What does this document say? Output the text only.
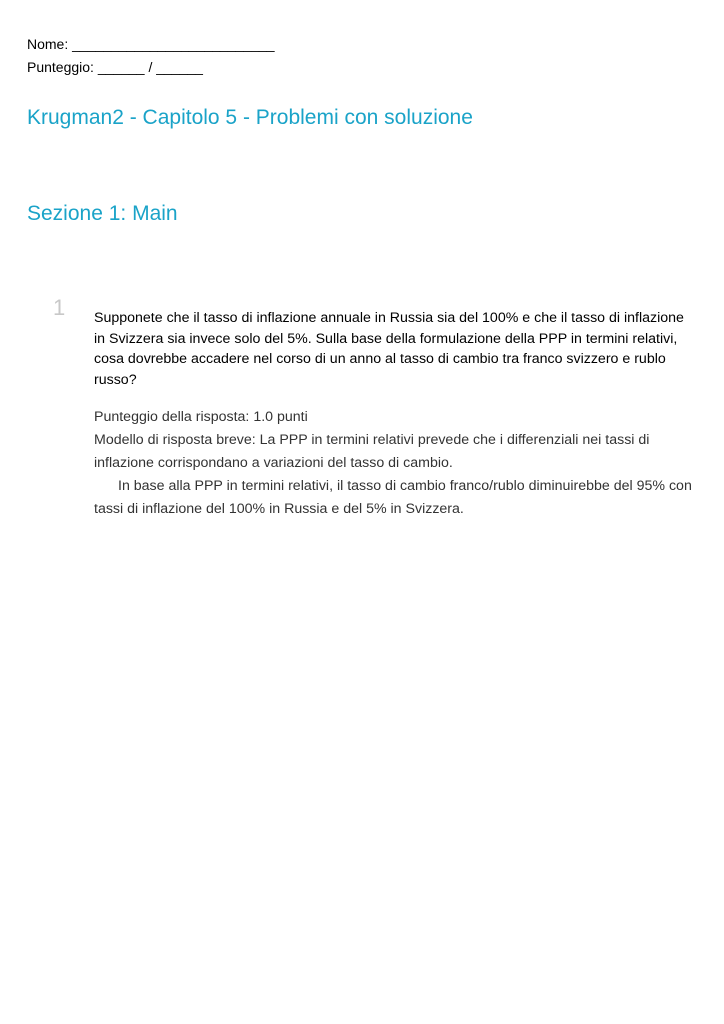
Nome: __________________________
Punteggio: ______ / ______
Krugman2 - Capitolo 5 - Problemi con soluzione
Sezione 1: Main
1 Supponete che il tasso di inflazione annuale in Russia sia del 100% e che il tasso di inflazione in Svizzera sia invece solo del 5%. Sulla base della formulazione della PPP in termini relativi, cosa dovrebbe accadere nel corso di un anno al tasso di cambio tra franco svizzero e rublo russo?
Punteggio della risposta: 1.0 punti
Modello di risposta breve: La PPP in termini relativi prevede che i differenziali nei tassi di inflazione corrispondano a variazioni del tasso di cambio.
In base alla PPP in termini relativi, il tasso di cambio franco/rublo diminuirebbe del 95% con tassi di inflazione del 100% in Russia e del 5% in Svizzera.
